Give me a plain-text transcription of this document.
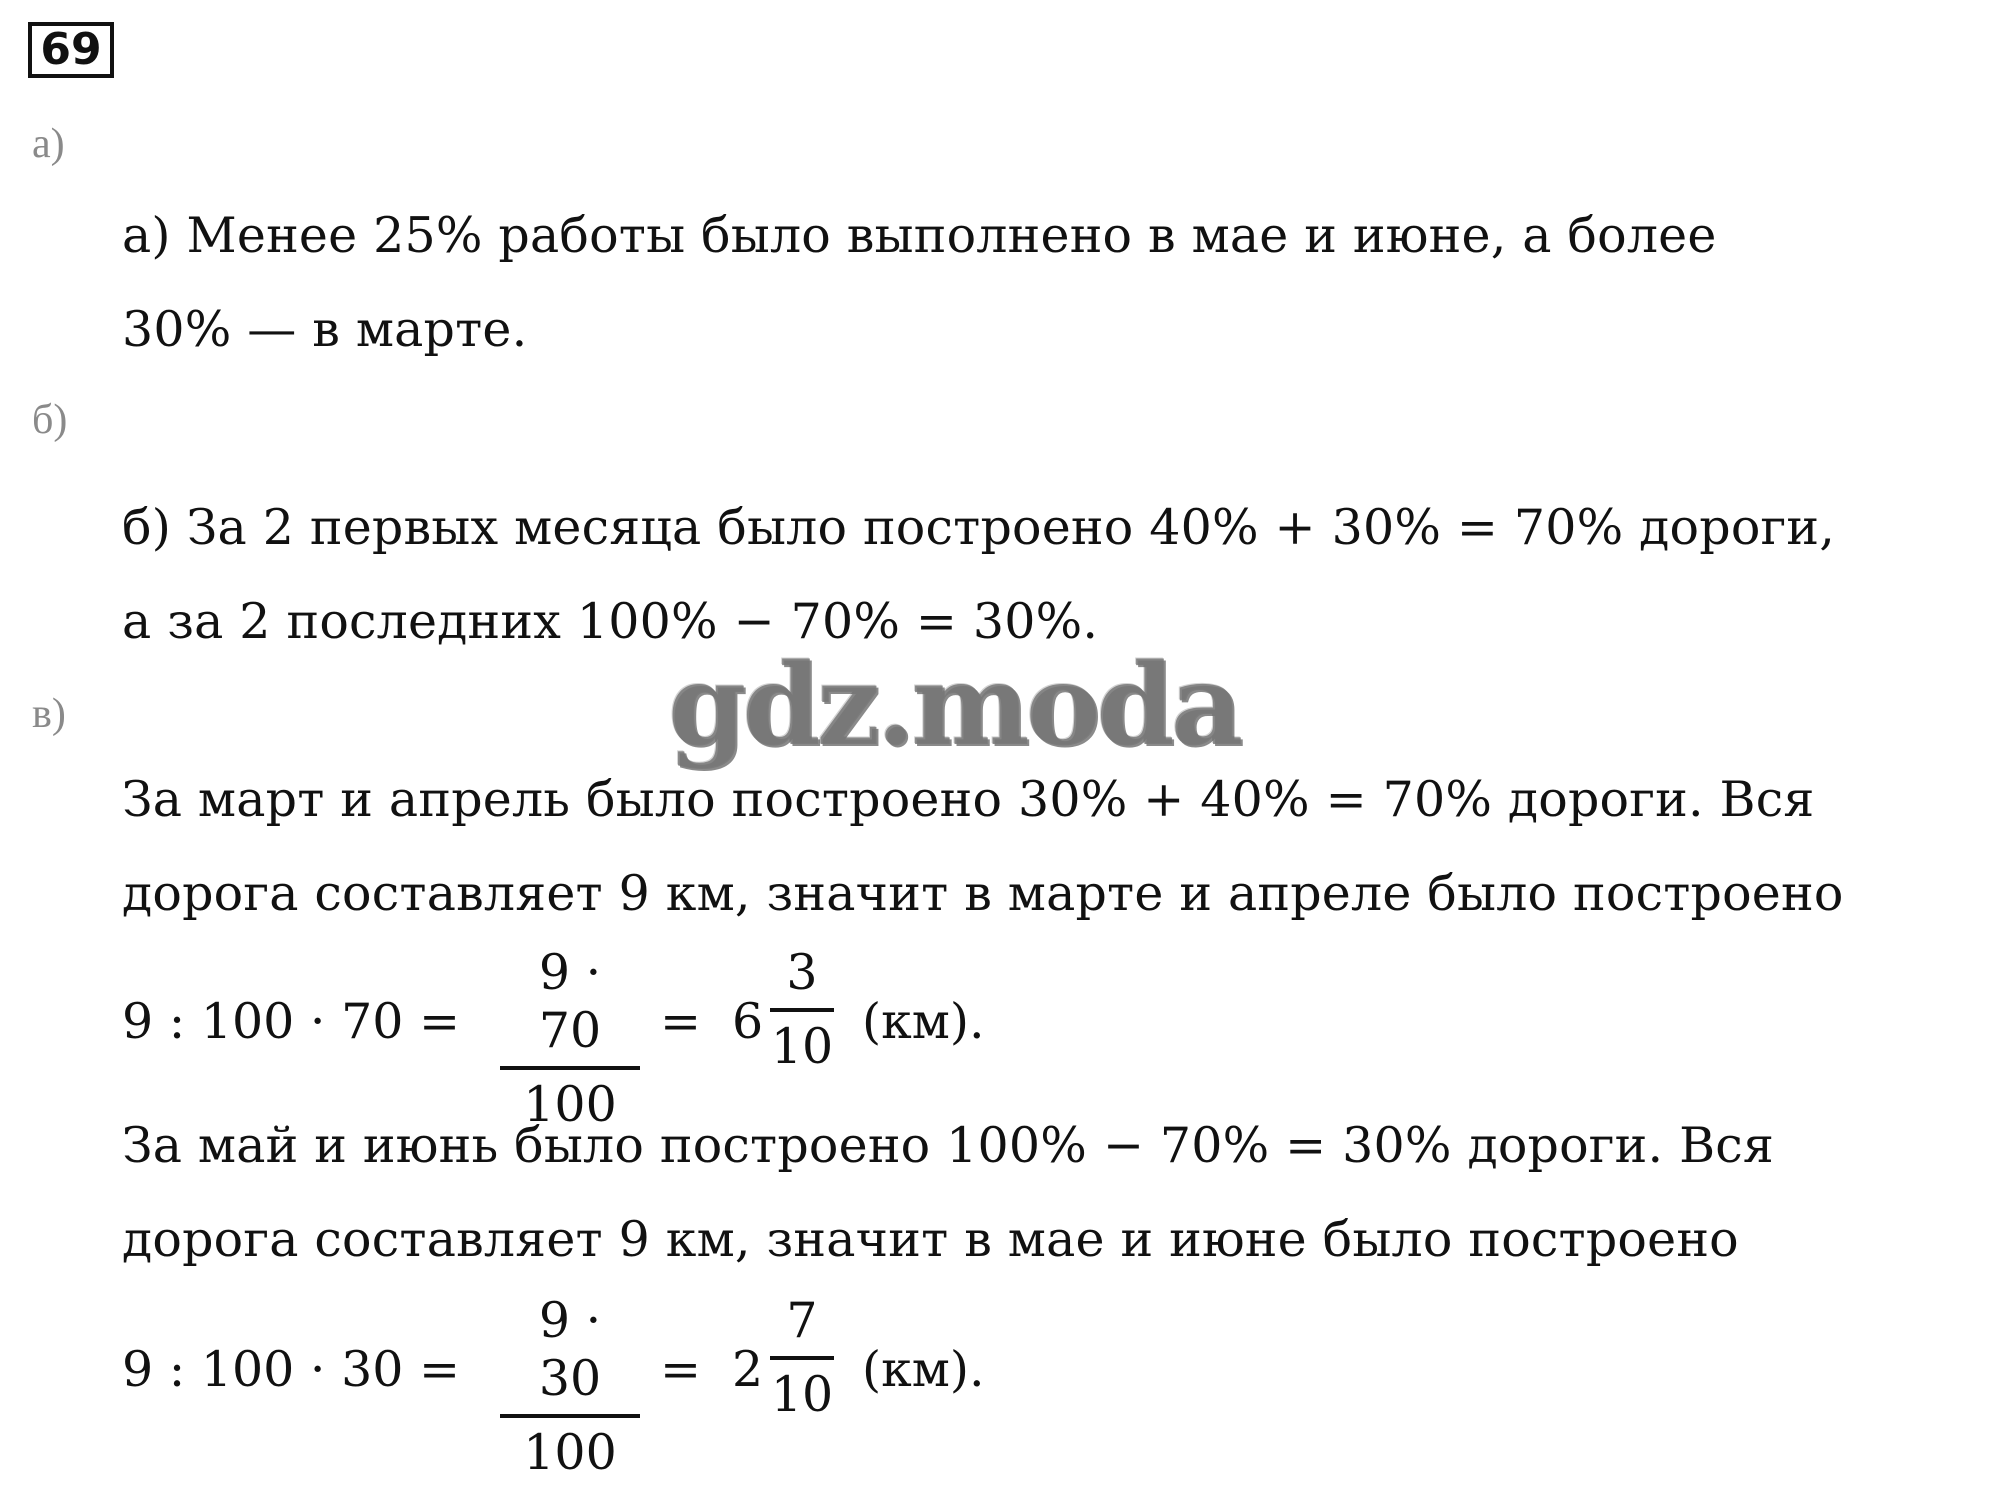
69
а)
а) Менее 25% работы было выполнено в мае и июне, а более
30% — в марте.
б)
б) За 2 первых месяца было построено 40% + 30% = 70% дороги,
а за 2 последних 100% − 70% = 30%.
в)
За март и апрель было построено 30% + 40% = 70% дороги. Вся
дорога составляет 9 км, значит в марте и апреле было построено
9 : 100 · 70 =
9 · 70
100
= 6
3
10 (км).
За май и июнь было построено 100% − 70% = 30% дороги. Вся
дорога составляет 9 км, значит в мае и июне было построено
9 : 100 · 30 =
9 · 30
100
= 2
7
10 (км).
gdz.moda
